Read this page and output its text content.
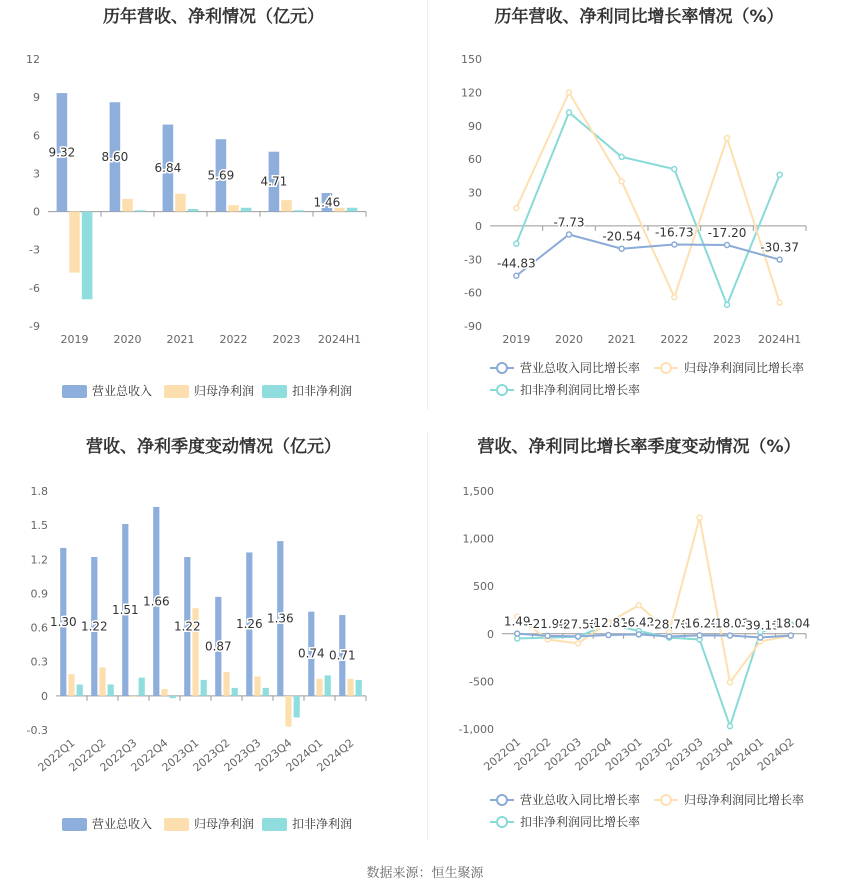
历年营收、净利情况（亿元）
12
9
6
3
0
-3
-6
-9
2019
9.32
2020
8.60
2021
6.84
2022
5.69
2023
4.71
2024H1
1.46
营业总收入	归母净利润	扣非净利润
历年营收、净利同比增长率情况（%）
150
120
90
60
30
0
-30
-60
-90
2019 2020 2021 2022 2023 2024H1
-44.83
-7.73
-20.54 -16.73 -17.20
-30.37
营业总收入同比增长率	归母净利润同比增长率
扣非净利润同比增长率
营收、净利季度变动情况（亿元）
1.8
1.5
1.2
0.9
0.6
0.3
0
-0.3
2022Q1
1.30
2022Q2
1.22
2022Q3
1.51
2022Q4
1.66
2023Q1
1.22
2023Q2
0.87
2023Q3
1.26
2023Q4
1.36
2024Q1
0.74
2024Q2
0.71
营业总收入	归母净利润	扣非净利润
营收、净利同比增长率季度变动情况（%）
1,500
1,000
500
0
-500
-1,000
2022Q1
2022Q2
2022Q3
2022Q4
2023Q1
2023Q2
2023Q3
2023Q4
2024Q1
2024Q2
1.49
-21.99
-27.58
-12.81
-6.42
-28.76
-16.20
-18.03
-39.19
-18.04
营业总收入同比增长率	归母净利润同比增长率
扣非净利润同比增长率
数据来源：恒生聚源
